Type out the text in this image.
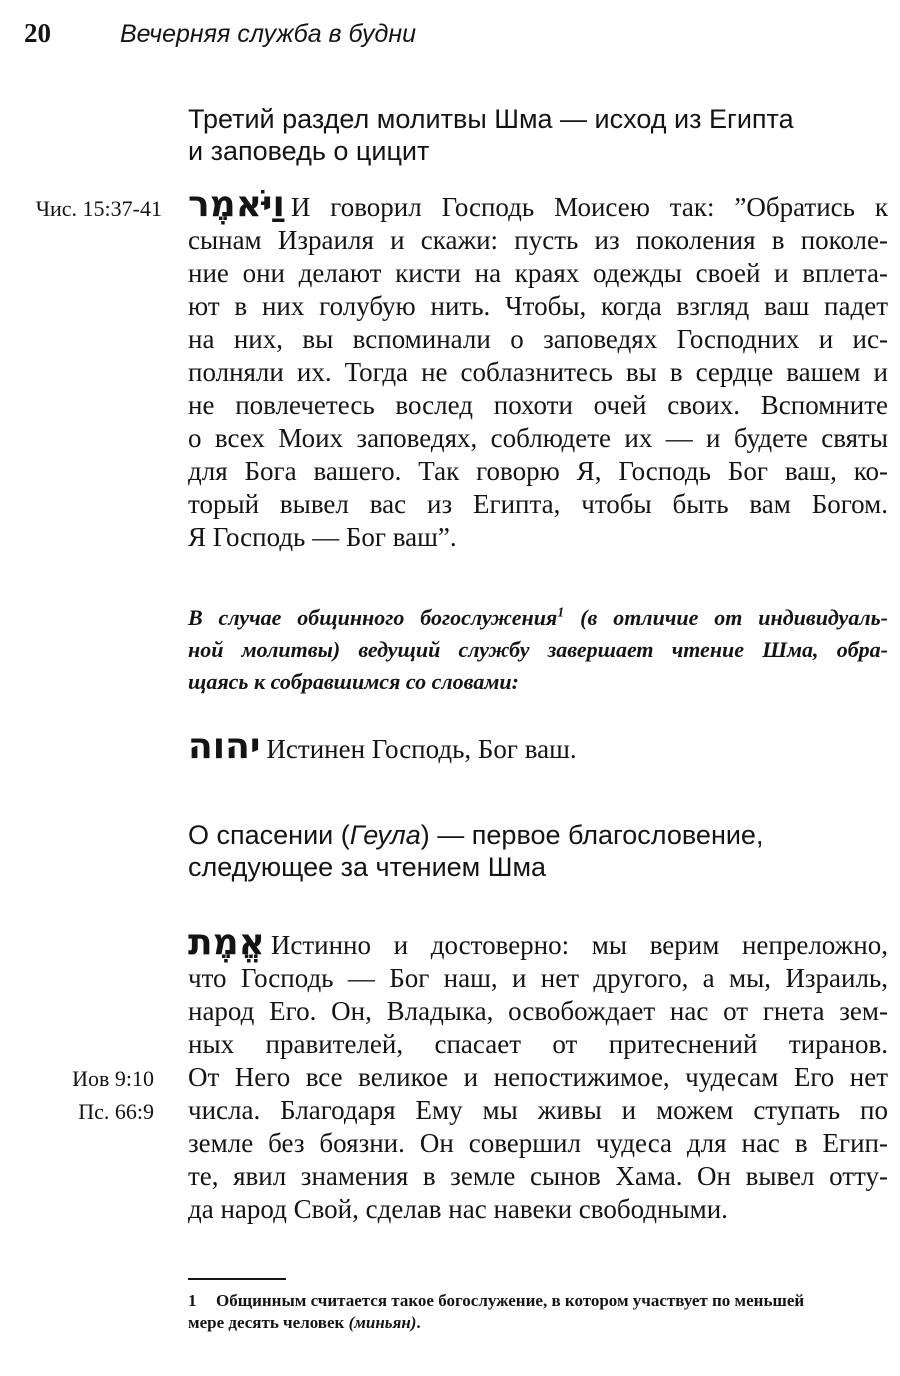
20	Вечерняя служба в будни
Третий раздел молитвы Шма — исход из Египта
и заповедь о цицит
Чис. 15:37-41 וַיֹּאמֶר И говорил Господь Моисею так: ”Обратись к
сынам Израиля и скажи: пусть из поколения в поколе-
ние они делают кисти на краях одежды своей и вплета-
ют в них голубую нить. Чтобы, когда взгляд ваш падет
на них, вы вспоминали о заповедях Господних и ис-
полняли их. Тогда не соблазнитесь вы в сердце вашем и
не повлечетесь вослед похоти очей своих. Вспомните
о всех Моих заповедях, соблюдете их — и будете святы
для Бога вашего. Так говорю Я, Господь Бог ваш, ко-
торый вывел вас из Египта, чтобы быть вам Богом.
Я Господь — Бог ваш”.
В случае общинного богослужения$^1$ (в отличие от индивидуаль-
ной молитвы) ведущий службу завершает чтение Шма, обра-
щаясь к собравшимся со словами:
יהוה Истинен Господь, Бог ваш.
О спасении (Геула) — первое благословение,
следующее за чтением Шма
אֱמֶת Истинно и достоверно: мы верим непреложно,
что Господь — Бог наш, и нет другого, а мы, Израиль,
народ Его. Он, Владыка, освобождает нас от гнета зем-
ных правителей, спасает от притеснений тиранов.
От Него все великое и непостижимое, чудесам Его нет
числа. Благодаря Ему мы живы и можем ступать по
земле без боязни. Он совершил чудеса для нас в Егип-
те, явил знамения в земле сынов Хама. Он вывел отту-
да народ Свой, сделав нас навеки свободными.
Иов 9:10
Пс. 66:9
1 Общинным считается такое богослужение, в котором участвует по меньшей
мере десять человек (миньян).
